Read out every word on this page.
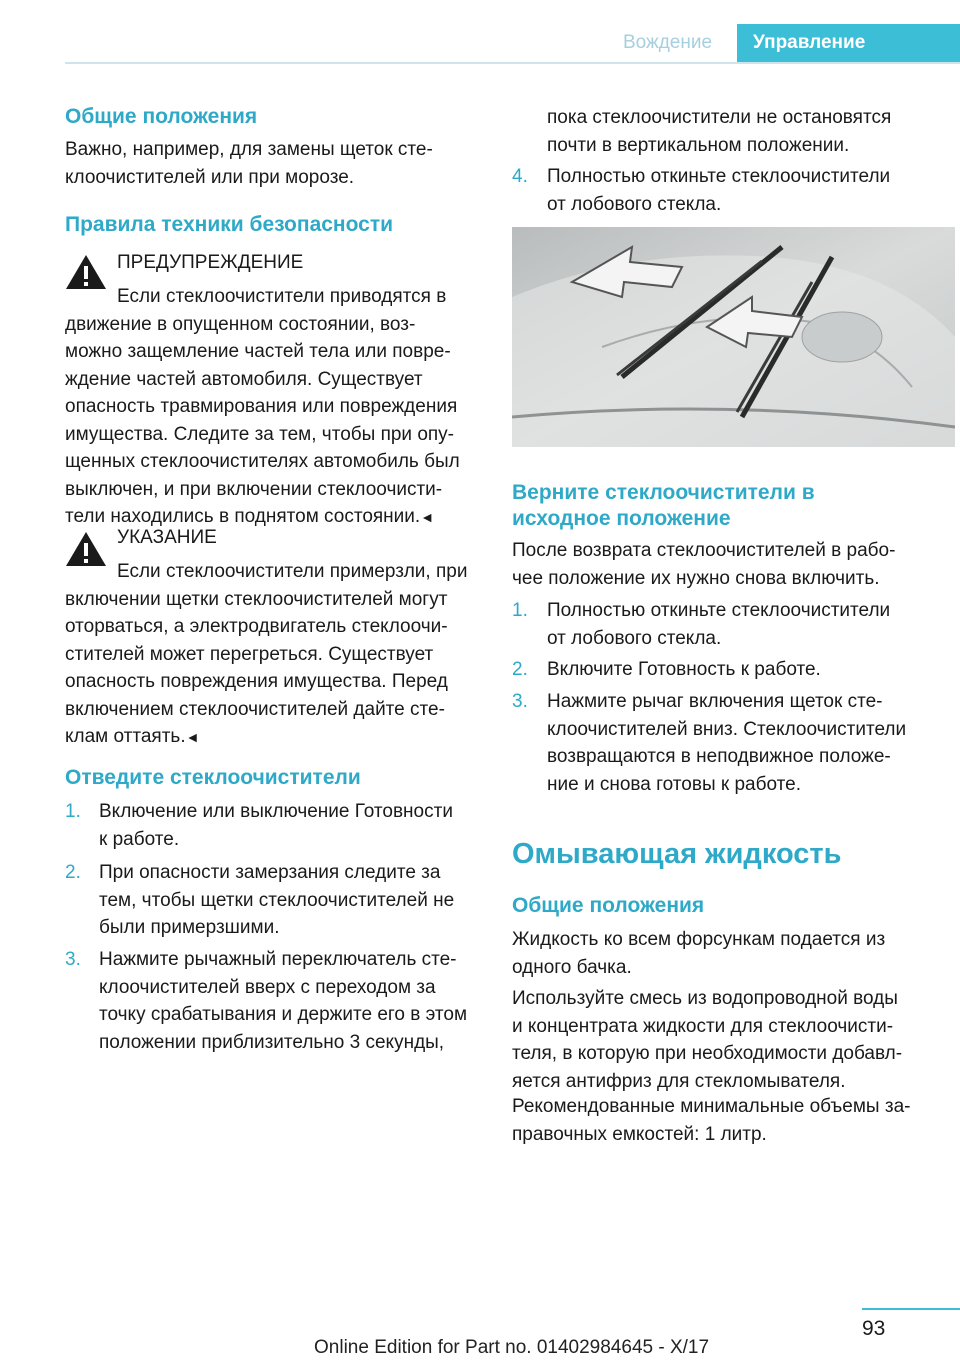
Вождение	Управление
Общие положения
Важно, например, для замены щеток сте-
клоочистителей или при морозе.
Правила техники безопасности
ПРЕДУПРЕЖДЕНИЕ
Если стеклоочистители приводятся в
движение в опущенном состоянии, воз-
можно защемление частей тела или повре-
ждение частей автомобиля. Существует
опасность травмирования или повреждения
имущества. Следите за тем, чтобы при опу-
щенных стеклоочистителях автомобиль был
выключен, и при включении стеклоочисти-
тели находились в поднятом состоянии.◄
УКАЗАНИЕ
Если стеклоочистители примерзли, при
включении щетки стеклоочистителей могут
оторваться, а электродвигатель стеклоочи-
стителей может перегреться. Существует
опасность повреждения имущества. Перед
включением стеклоочистителей дайте сте-
клам оттаять.◄
Отведите стеклоочистители
1. Включение или выключение Готовности
к работе.
2. При опасности замерзания следите за
тем, чтобы щетки стеклоочистителей не
были примерзшими.
3. Нажмите рычажный переключатель сте-
клоочистителей вверх с переходом за
точку срабатывания и держите его в этом
положении приблизительно 3 секунды,
пока стеклоочистители не остановятся
почти в вертикальном положении.
4. Полностью откиньте стеклоочистители
от лобового стекла.
Верните стеклоочистители в
исходное положение
После возврата стеклоочистителей в рабо-
чее положение их нужно снова включить.
1. Полностью откиньте стеклоочистители
от лобового стекла.
2. Включите Готовность к работе.
3. Нажмите рычаг включения щеток сте-
клоочистителей вниз. Стеклоочистители
возвращаются в неподвижное положе-
ние и снова готовы к работе.
Омывающая жидкость
Общие положения
Жидкость ко всем форсункам подается из
одного бачка.
Используйте смесь из водопроводной воды
и концентрата жидкости для стеклоочисти-
теля, в которую при необходимости добавл-
яется антифриз для стекломывателя.
Рекомендованные минимальные объемы за-
правочных емкостей: 1 литр.
93
Online Edition for Part no. 01402984645 - X/17
